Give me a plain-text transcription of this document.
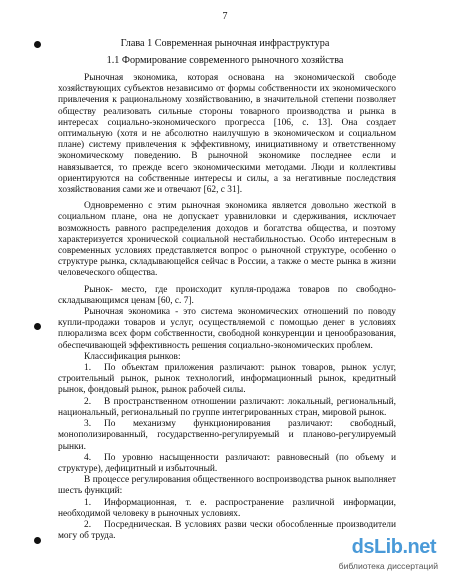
7
Глава 1 Современная рыночная инфраструктура
1.1 Формирование современного рыночного хозяйства

Рыночная экономика, которая основана на экономической свободе хозяйствующих субъектов независимо от формы собственности их экономического привлечения к рациональному хозяйствованию, в значительной степени позволяет обществу реализовать сильные стороны товарного производства и рынка в интересах социально-экономического прогресса [106, с. 13]. Она создает оптимальную (хотя и не абсолютно наилучшую в экономическом и социальном плане) систему привлечения к эффективному, инициативному и ответственному экономическому поведению. В рыночной экономике последнее если и навязывается, то прежде всего экономическими методами. Люди и коллективы ориентируются на собственные интересы и силы, а за негативные последствия хозяйствования сами же и отвечают [62, с 31].

Одновременно с этим рыночная экономика является довольно жесткой в социальном плане, она не допускает уравниловки и сдерживания, исключает возможность равного распределения доходов и богатства общества, и поэтому характеризуется хронической социальной нестабильностью. Особо интересным в современных условиях представляется вопрос о рыночной структуре, особенно о структуре рынка, складывающейся сейчас в России, а также о месте рынка в жизни человеческого общества.

Рынок- место, где происходит купля-продажа товаров по свободно-складывающимся ценам [60, с. 7].

Рыночная экономика - это система экономических отношений по поводу купли-продажи товаров и услуг, осуществляемой с помощью денег в условиях плюрализма всех форм собственности, свободной конкуренции и ценообразования, обеспечивающей эффективность решения социально-экономических проблем.

Классификация рынков:

1. По объектам приложения различают: рынок товаров, рынок услуг, строительный рынок, рынок технологий, информационный рынок, кредитный рынок, фондовый рынок, рынок рабочей силы.
2. В пространственном отношении различают: локальный, региональный, национальный, региональный по группе интегрированных стран, мировой рынок.
3. По механизму функционирования различают: свободный, монополизированный, государственно-регулируемый и планово-регулируемый рынки.
4. По уровню насыщенности различают: равновесный (по объему и структуре), дефицитный и избыточный.

В процессе регулирования общественного воспроизводства рынок выполняет шесть функций:

1. Информационная, т. е. распространение различной информации, необходимой человеку в рыночных условиях.
2. Посредническая. В условиях разви чески обособленные производители могу об труда.	dsLib.net
библиотека диссертаций
